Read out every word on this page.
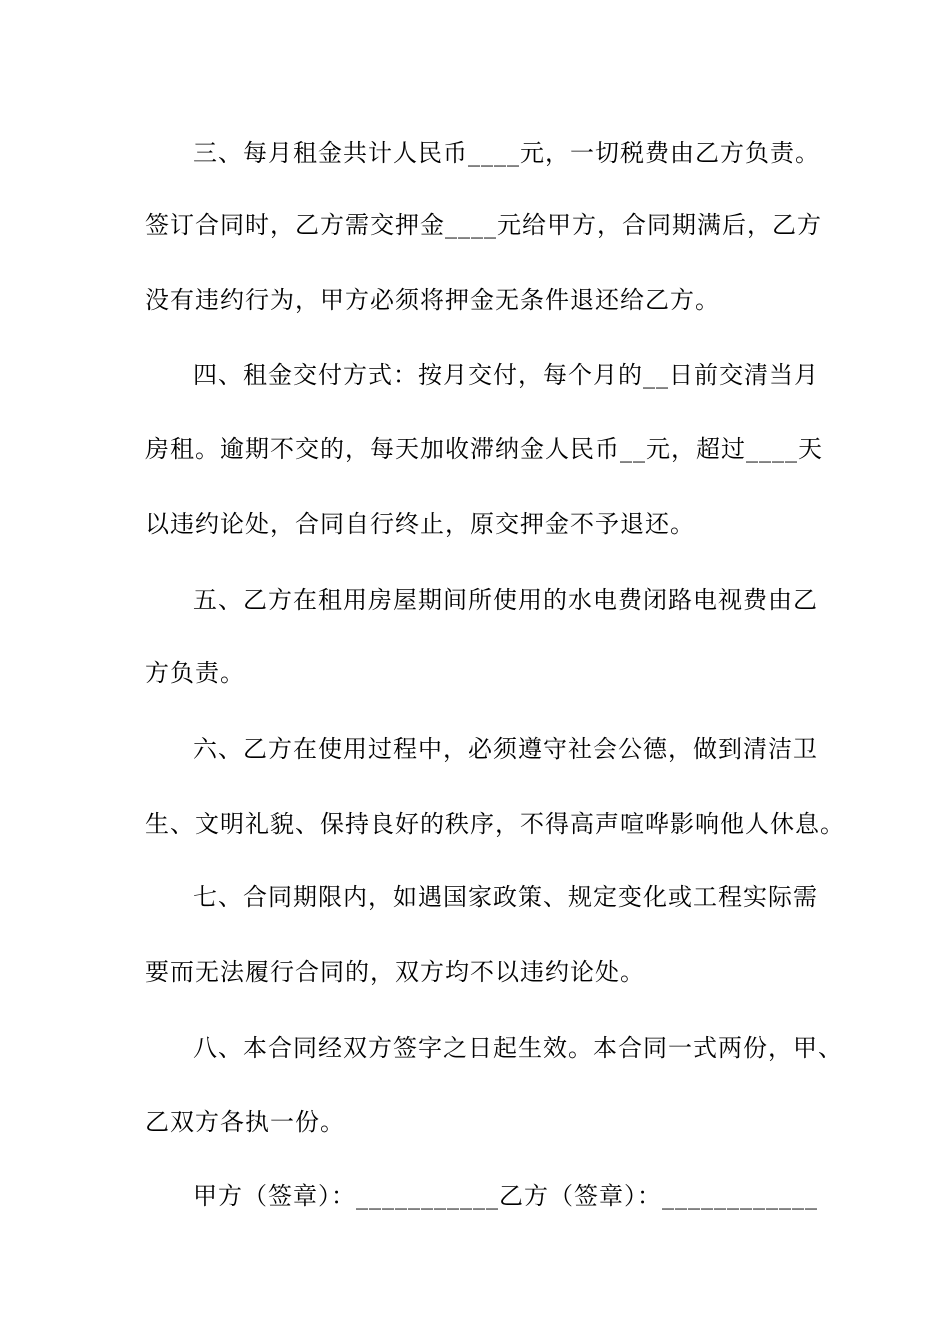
三、每月租金共计人民币____元，一切税费由乙方负责。
签订合同时，乙方需交押金____元给甲方，合同期满后，乙方
没有违约行为，甲方必须将押金无条件退还给乙方。
四、租金交付方式：按月交付，每个月的__日前交清当月
房租。逾期不交的，每天加收滞纳金人民币__元，超过____天
以违约论处，合同自行终止，原交押金不予退还。
五、乙方在租用房屋期间所使用的水电费闭路电视费由乙
方负责。
六、乙方在使用过程中，必须遵守社会公德，做到清洁卫
生、文明礼貌、保持良好的秩序，不得高声喧哗影响他人休息。
七、合同期限内，如遇国家政策、规定变化或工程实际需
要而无法履行合同的，双方均不以违约论处。
八、本合同经双方签字之日起生效。本合同一式两份，甲、
乙双方各执一份。
甲方（签章）：___________乙方（签章）：____________
